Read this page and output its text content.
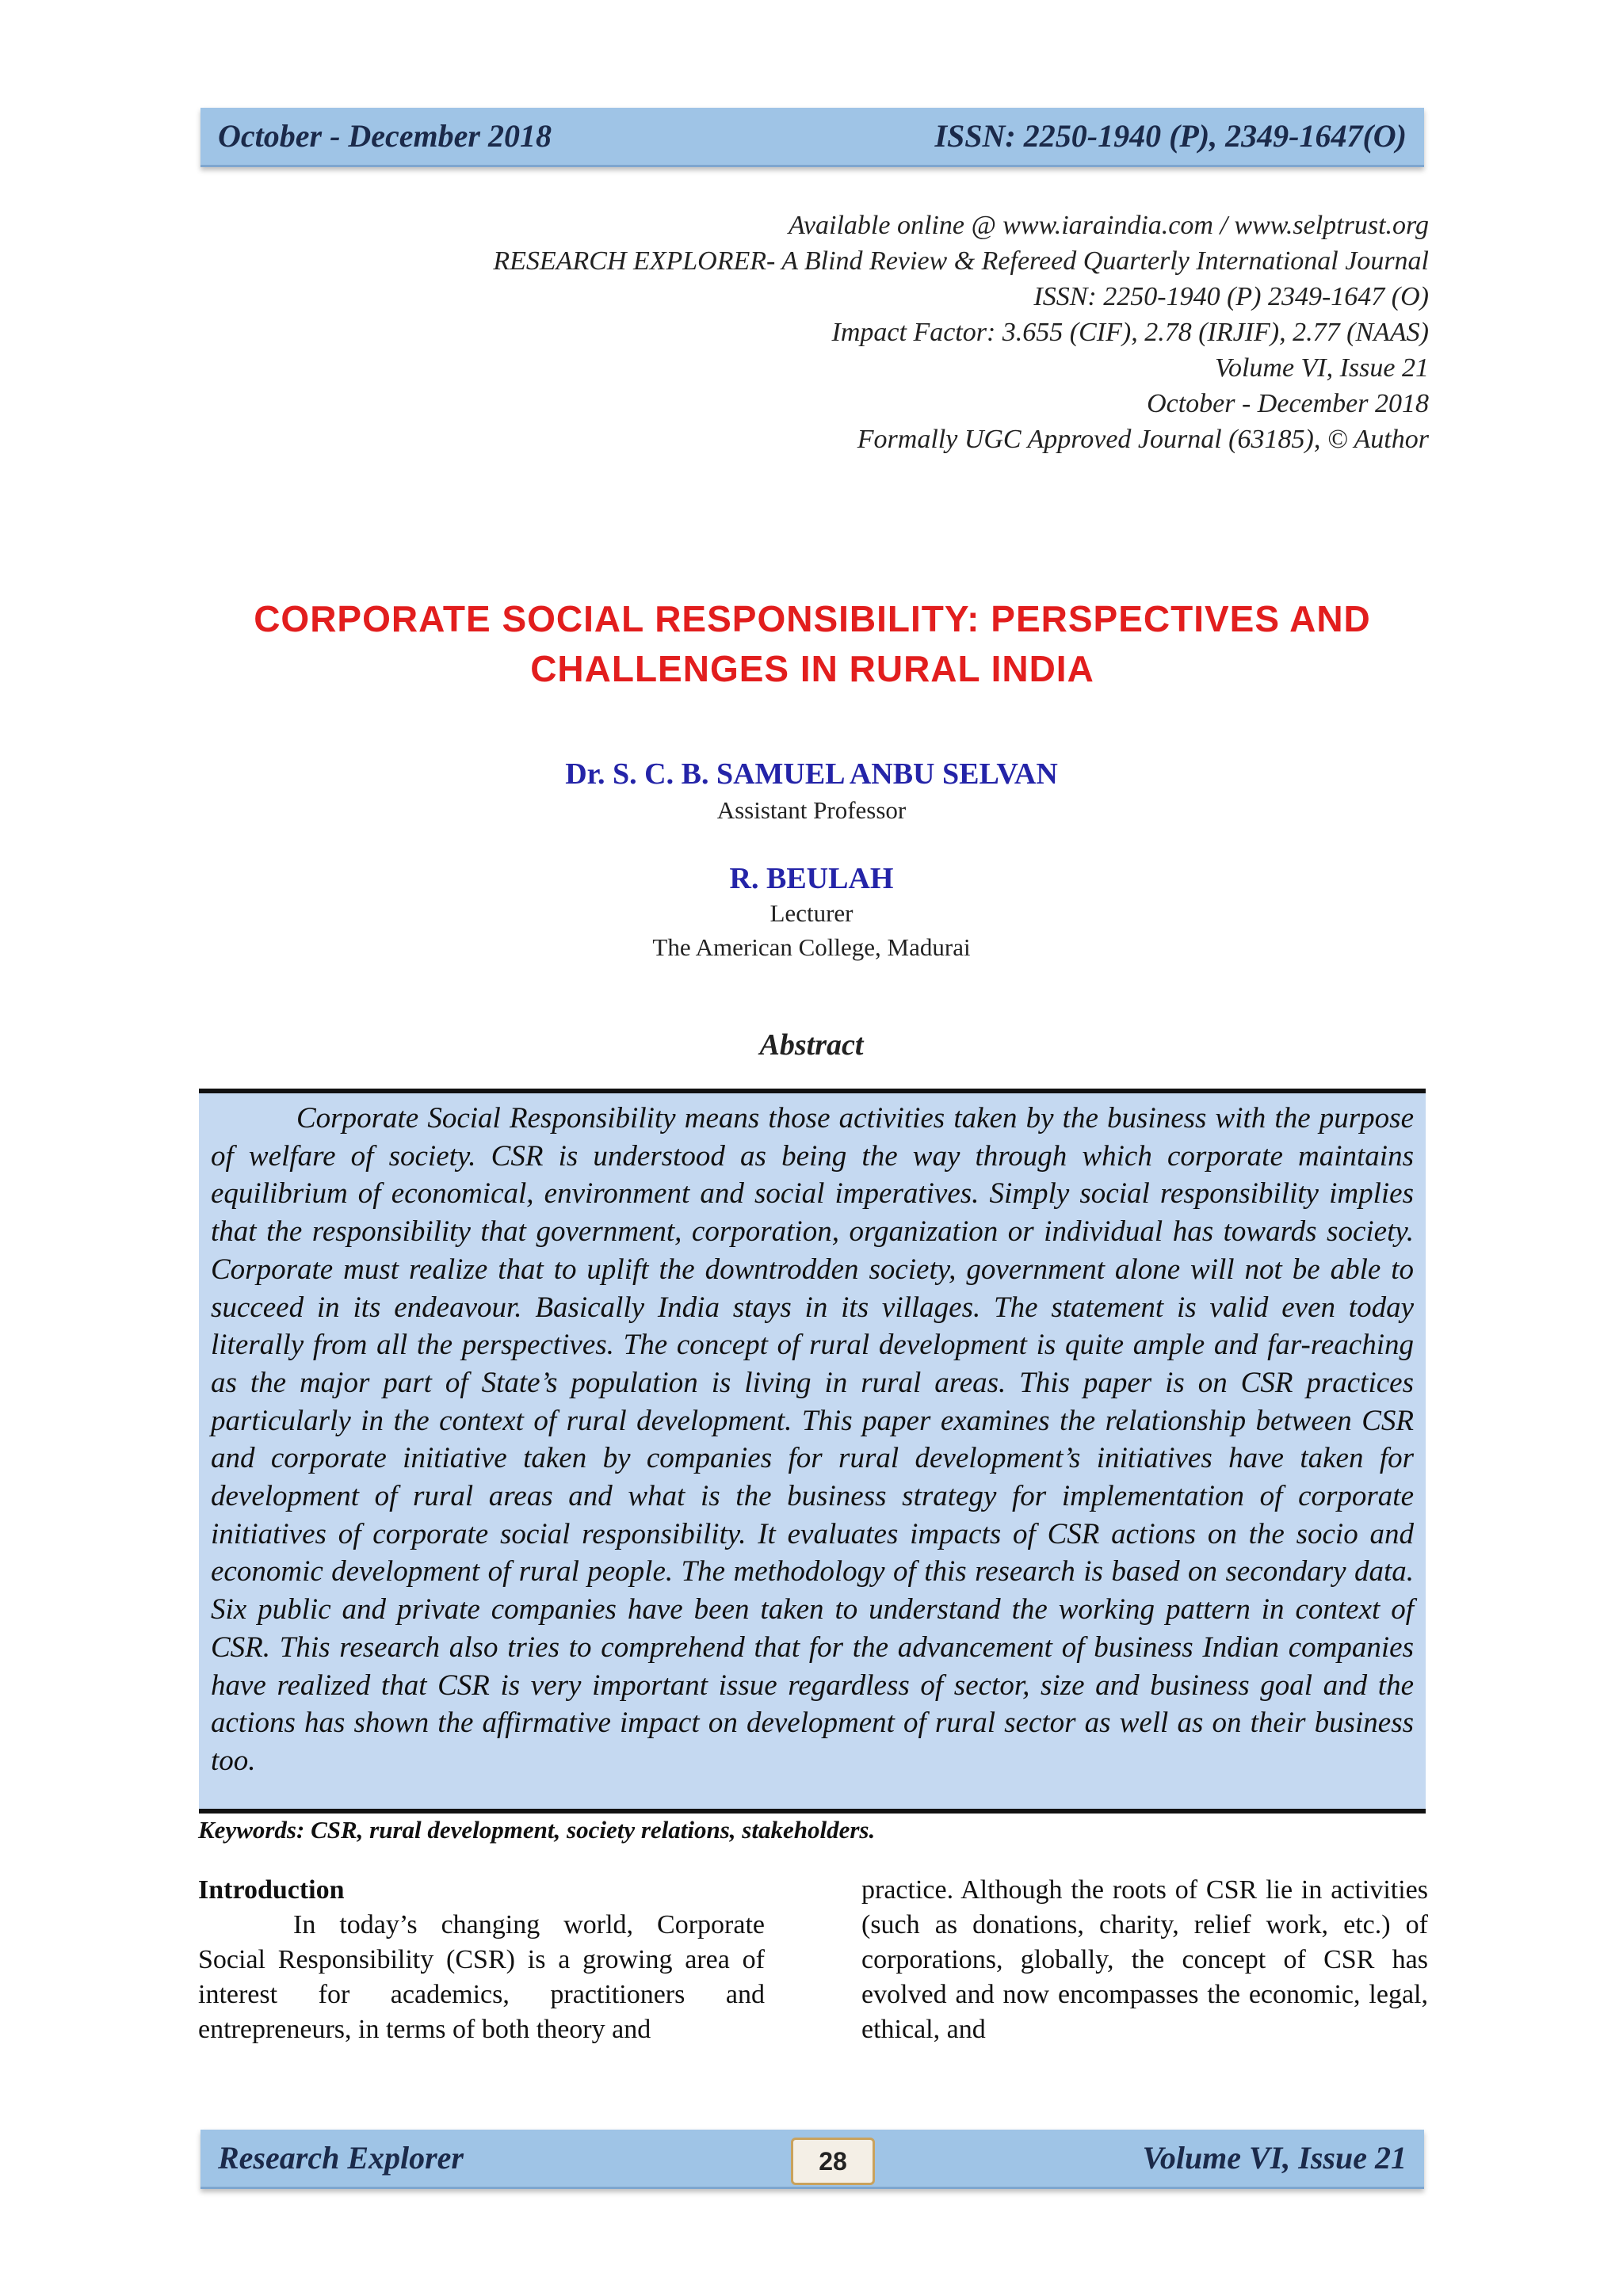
October - December 2018	ISSN: 2250-1940 (P), 2349-1647(O)
Available online @ www.iaraindia.com / www.selptrust.org
RESEARCH EXPLORER- A Blind Review & Refereed Quarterly International Journal
ISSN: 2250-1940 (P) 2349-1647 (O)
Impact Factor: 3.655 (CIF), 2.78 (IRJIF), 2.77 (NAAS)
Volume VI, Issue 21
October - December 2018
Formally UGC Approved Journal (63185), © Author
CORPORATE SOCIAL RESPONSIBILITY: PERSPECTIVES AND
CHALLENGES IN RURAL INDIA
Dr. S. C. B. SAMUEL ANBU SELVAN
Assistant Professor
R. BEULAH
Lecturer
The American College, Madurai
Abstract
Corporate Social Responsibility means those activities taken by the business with the purpose of welfare of society. CSR is understood as being the way through which corporate maintains equilibrium of economical, environment and social imperatives. Simply social responsibility implies that the responsibility that government, corporation, organization or individual has towards society. Corporate must realize that to uplift the downtrodden society, government alone will not be able to succeed in its endeavour. Basically India stays in its villages. The statement is valid even today literally from all the perspectives. The concept of rural development is quite ample and far-reaching as the major part of State’s population is living in rural areas. This paper is on CSR practices particularly in the context of rural development. This paper examines the relationship between CSR and corporate initiative taken by companies for rural development’s initiatives have taken for development of rural areas and what is the business strategy for implementation of corporate initiatives of corporate social responsibility. It evaluates impacts of CSR actions on the socio and economic development of rural people. The methodology of this research is based on secondary data. Six public and private companies have been taken to understand the working pattern in context of CSR. This research also tries to comprehend that for the advancement of business Indian companies have realized that CSR is very important issue regardless of sector, size and business goal and the actions has shown the affirmative impact on development of rural sector as well as on their business too.
Keywords: CSR, rural development, society relations, stakeholders.
Introduction
In today’s changing world, Corporate Social Responsibility (CSR) is a growing area of interest for academics, practitioners and entrepreneurs, in terms of both theory and
practice. Although the roots of CSR lie in activities (such as donations, charity, relief work, etc.) of corporations, globally, the concept of CSR has evolved and now encompasses the economic, legal, ethical, and
Research Explorer	28	Volume VI, Issue 21
